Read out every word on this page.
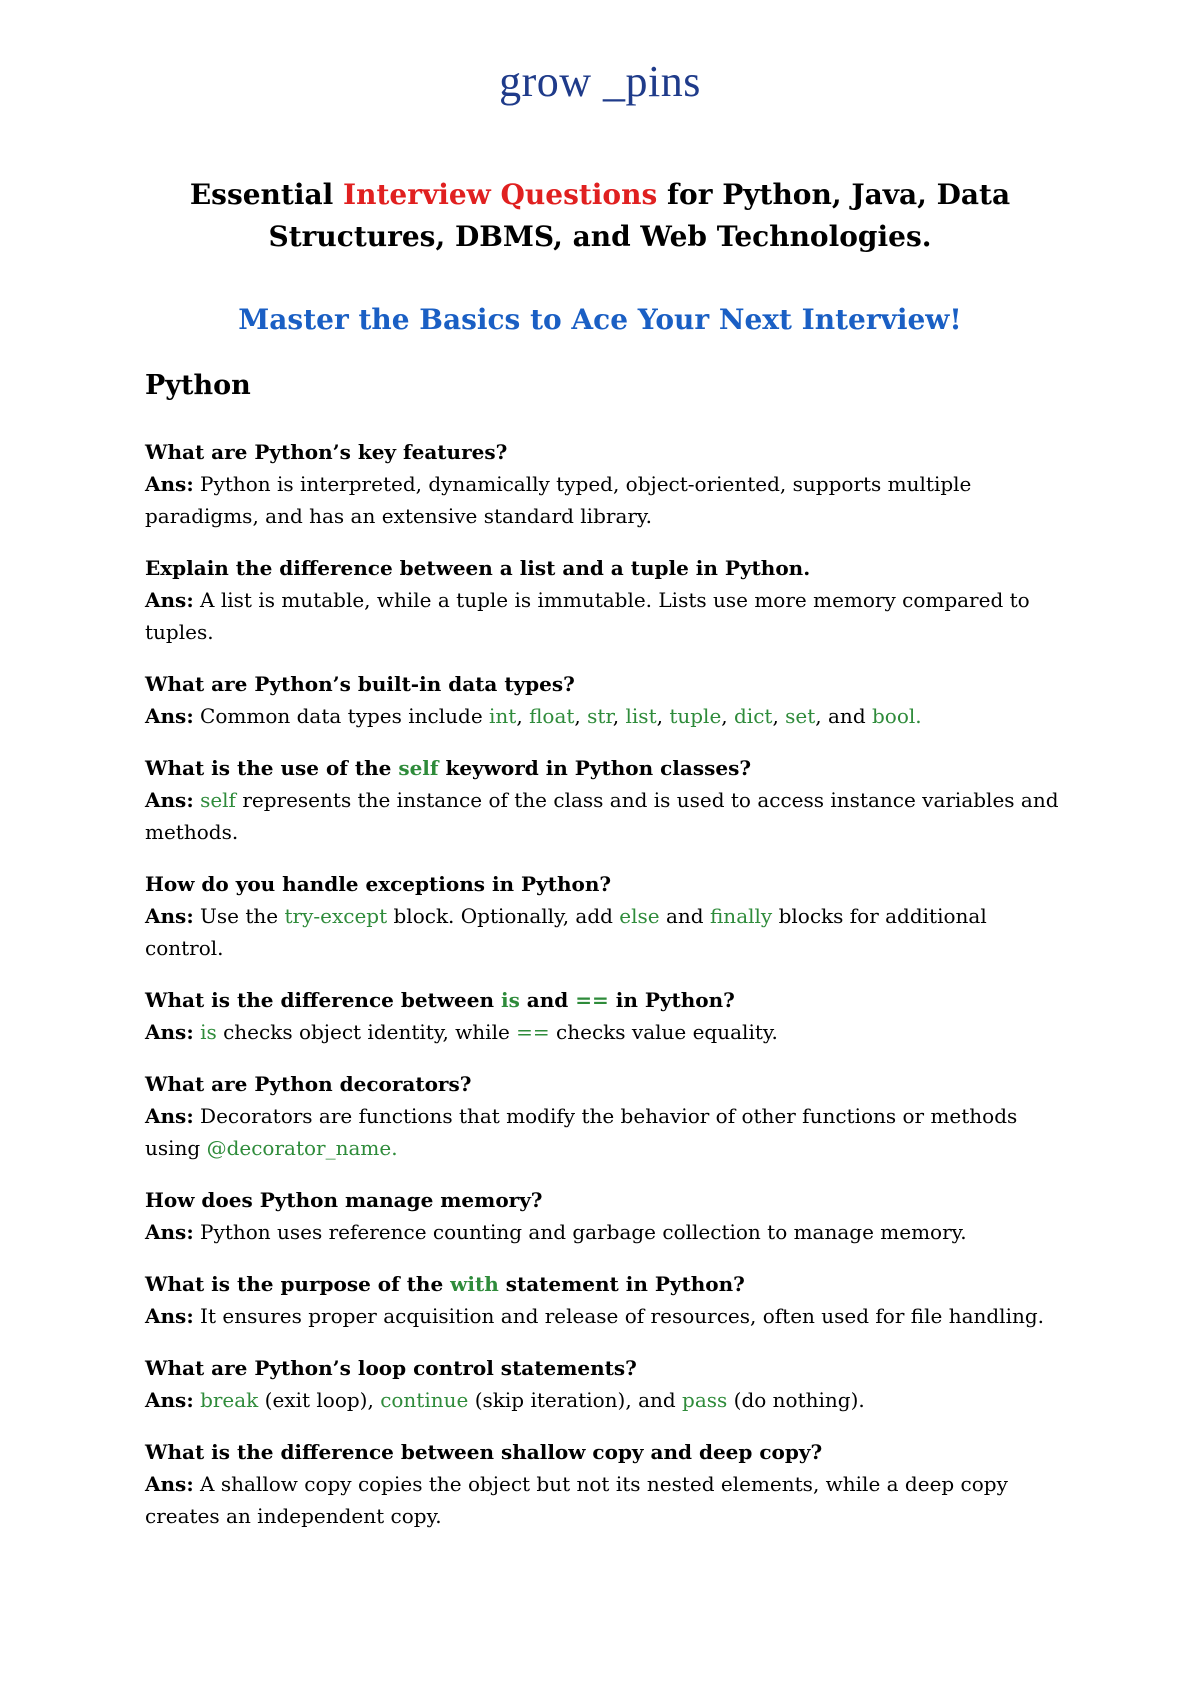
grow _pins
Essential Interview Questions for Python, Java, Data Structures, DBMS, and Web Technologies.
Master the Basics to Ace Your Next Interview!
Python
What are Python’s key features?
Ans: Python is interpreted, dynamically typed, object-oriented, supports multiple paradigms, and has an extensive standard library.
Explain the difference between a list and a tuple in Python.
Ans: A list is mutable, while a tuple is immutable. Lists use more memory compared to tuples.
What are Python’s built-in data types?
Ans: Common data types include int, float, str, list, tuple, dict, set, and bool.
What is the use of the self keyword in Python classes?
Ans: self represents the instance of the class and is used to access instance variables and methods.
How do you handle exceptions in Python?
Ans: Use the try-except block. Optionally, add else and finally blocks for additional control.
What is the difference between is and == in Python?
Ans: is checks object identity, while == checks value equality.
What are Python decorators?
Ans: Decorators are functions that modify the behavior of other functions or methods using @decorator_name.
How does Python manage memory?
Ans: Python uses reference counting and garbage collection to manage memory.
What is the purpose of the with statement in Python?
Ans: It ensures proper acquisition and release of resources, often used for file handling.
What are Python’s loop control statements?
Ans: break (exit loop), continue (skip iteration), and pass (do nothing).
What is the difference between shallow copy and deep copy?
Ans: A shallow copy copies the object but not its nested elements, while a deep copy creates an independent copy.
